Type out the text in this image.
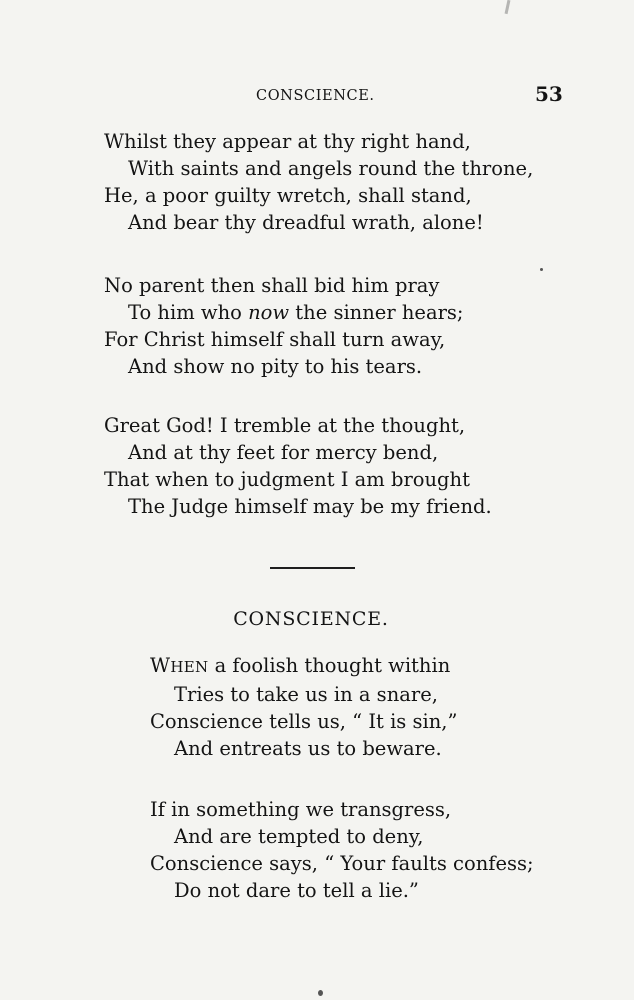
CONSCIENCE.	53
Whilst they appear at thy right hand,
With saints and angels round the throne,
He, a poor guilty wretch, shall stand,
And bear thy dreadful wrath, alone!
No parent then shall bid him pray
To him who now the sinner hears;
For Christ himself shall turn away,
And show no pity to his tears.
Great God! I tremble at the thought,
And at thy feet for mercy bend,
That when to judgment I am brought
The Judge himself may be my friend.
CONSCIENCE.
WHEN a foolish thought within
Tries to take us in a snare,
Conscience tells us, “ It is sin,”
And entreats us to beware.
If in something we transgress,
And are tempted to deny,
Conscience says, “ Your faults confess;
Do not dare to tell a lie.”
